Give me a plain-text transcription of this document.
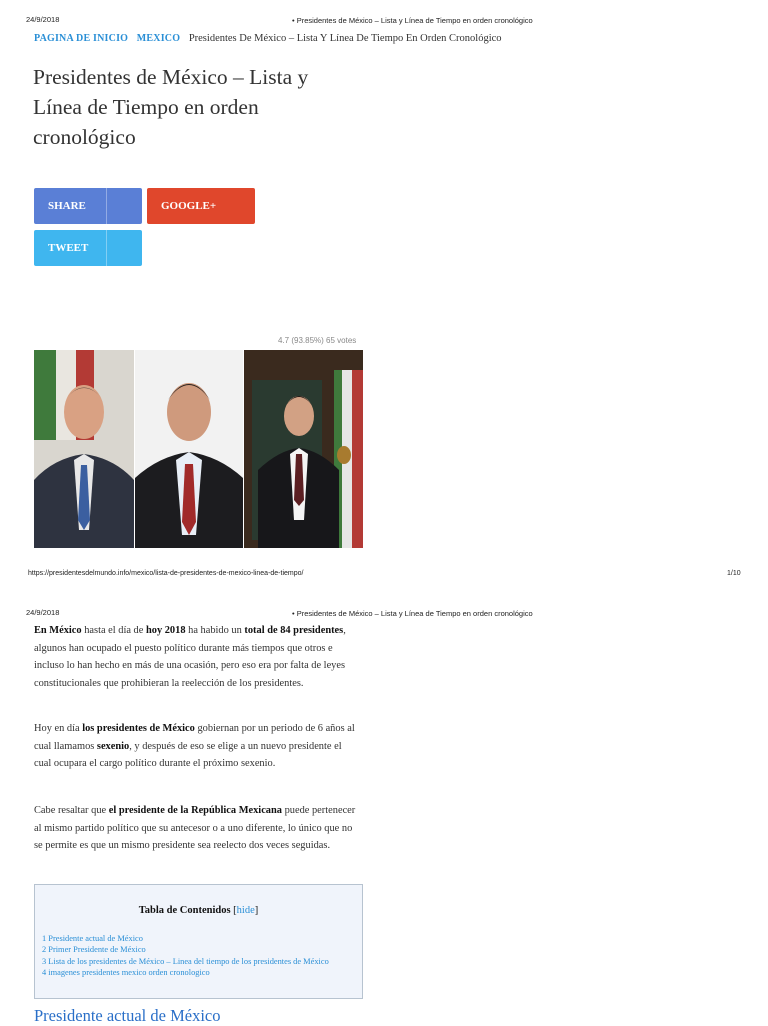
24/9/2018	• Presidentes de México – Lista y Línea de Tiempo en orden cronológico
PAGINA DE INICIO MEXICO Presidentes De México – Lista Y Línea De Tiempo En Orden Cronológico
Presidentes de México – Lista y Línea de Tiempo en orden cronológico
SHARE	GOOGLE+
TWEET
4.7 (93.85%) 65 votes
https://presidentesdelmundo.info/mexico/lista-de-presidentes-de-mexico-linea-de-tiempo/	1/10
24/9/2018	• Presidentes de México – Lista y Línea de Tiempo en orden cronológico

En México hasta el día de hoy 2018 ha habido un total de 84 presidentes, algunos han ocupado el puesto político durante más tiempos que otros e incluso lo han hecho en más de una ocasión, pero eso era por falta de leyes constitucionales que prohibieran la reelección de los presidentes.

Hoy en día los presidentes de México gobiernan por un periodo de 6 años al cual llamamos sexenio, y después de eso se elige a un nuevo presidente el cual ocupara el cargo político durante el próximo sexenio.

Cabe resaltar que el presidente de la República Mexicana puede pertenecer al mismo partido político que su antecesor o a uno diferente, lo único que no se permite es que un mismo presidente sea reelecto dos veces seguidas.

Tabla de Contenidos [hide]
1 Presidente actual de México
2 Primer Presidente de México
3 Lista de los presidentes de México – Linea del tiempo de los presidentes de México
4 imagenes presidentes mexico orden cronologico
Presidente actual de México
